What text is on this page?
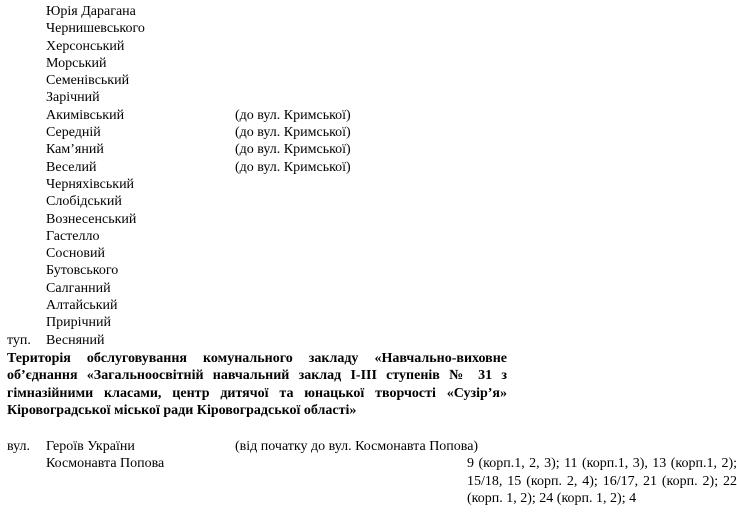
Юрія Дарагана
Чернишевського
Херсонський
Морський
Семенівський
Зарічний
Акимівський	(до вул. Кримської)
Середній	(до вул. Кримської)
Кам’яний	(до вул. Кримської)
Веселий	(до вул. Кримської)
Черняхівський
Слобідський
Вознесенський
Гастелло
Сосновий
Бутовського
Салганний
Алтайський
Прирічний
туп. Весняний
Територія обслуговування комунального закладу «Навчально-виховне об’єднання «Загальноосвітній навчальний заклад І-ІІІ ступенів № 31 з гімназійними класами, центр дитячої та юнацької творчості «Сузір’я» Кіровоградської міської ради Кіровоградської області»
вул. Героїв України	(від початку до вул. Космонавта Попова)
Космонавта Попова	9 (корп.1, 2, 3); 11 (корп.1, 3), 13 (корп.1, 2); 15/18, 15 (корп. 2, 4); 16/17, 21 (корп. 2); 22 (корп. 1, 2); 24 (корп. 1, 2); 4
